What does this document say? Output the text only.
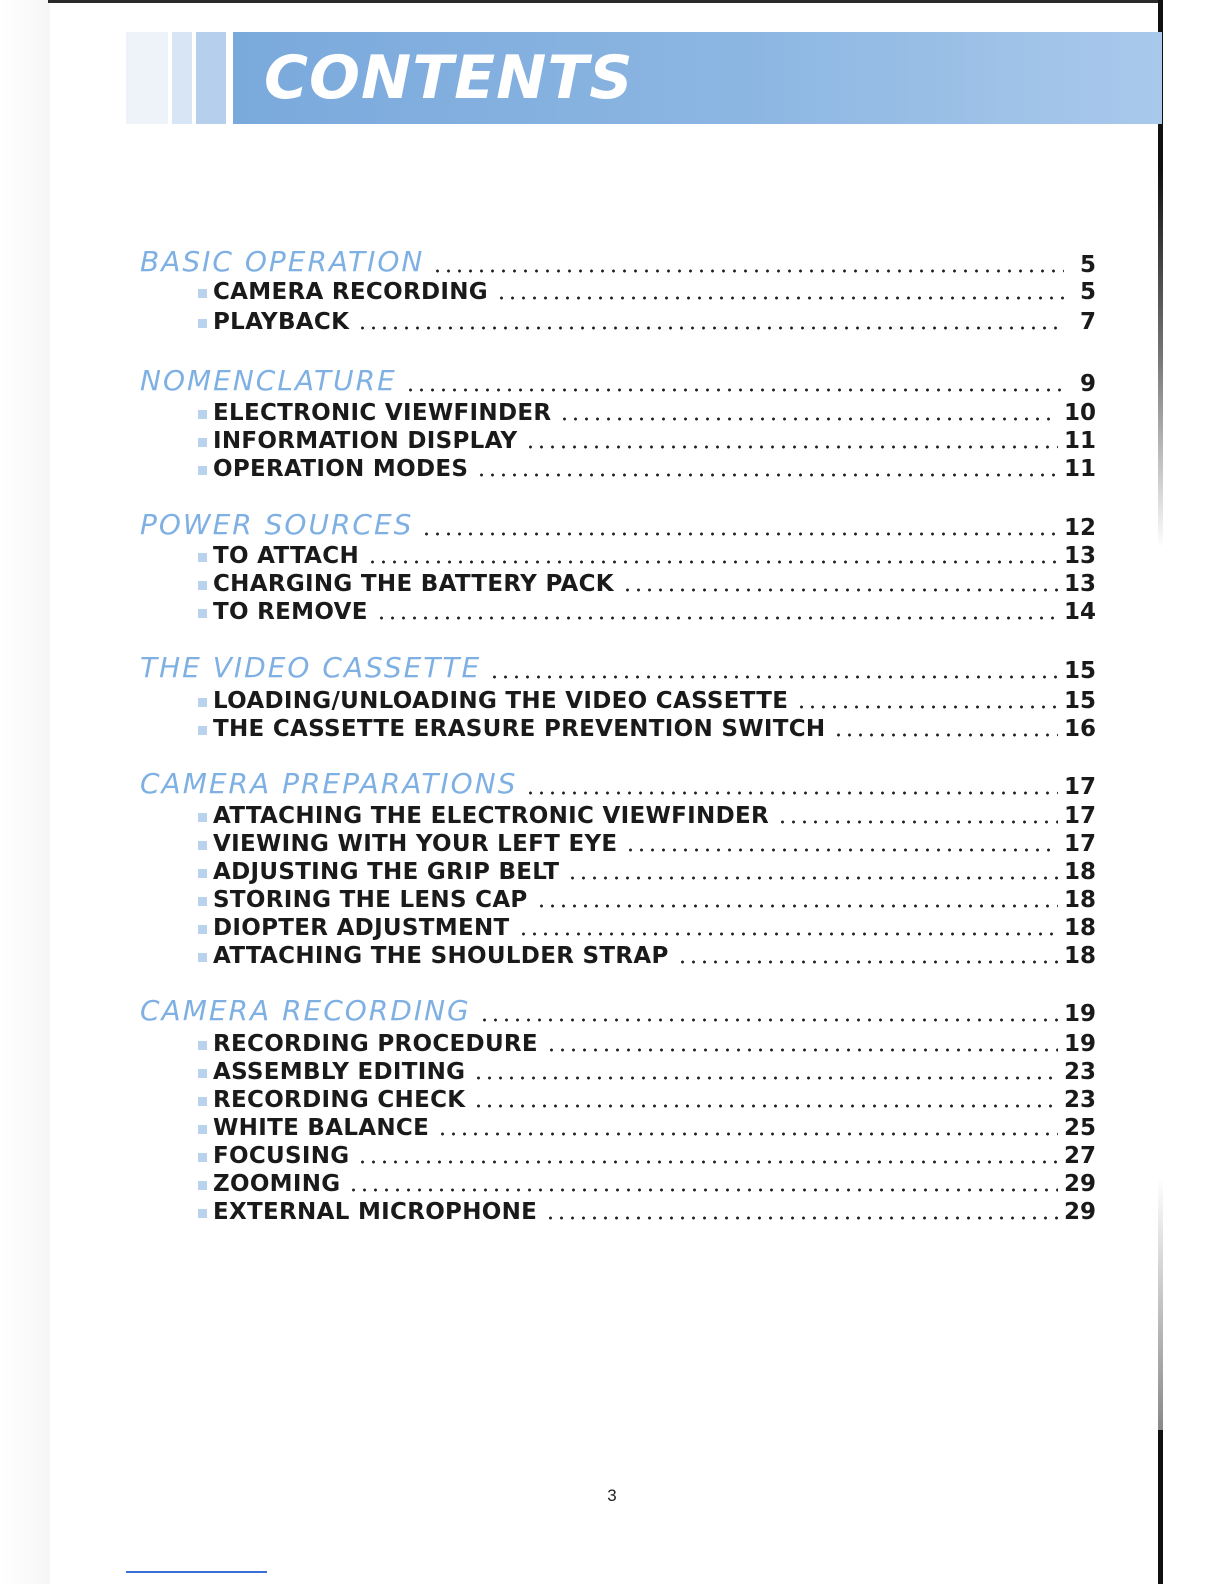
CONTENTS
BASIC OPERATION	5
CAMERA RECORDING	5
PLAYBACK	7
NOMENCLATURE	9
ELECTRONIC VIEWFINDER	10
INFORMATION DISPLAY	11
OPERATION MODES	11
POWER SOURCES	12
TO ATTACH	13
CHARGING THE BATTERY PACK	13
TO REMOVE	14
THE VIDEO CASSETTE	15
LOADING/UNLOADING THE VIDEO CASSETTE	15
THE CASSETTE ERASURE PREVENTION SWITCH	16
CAMERA PREPARATIONS	17
ATTACHING THE ELECTRONIC VIEWFINDER	17
VIEWING WITH YOUR LEFT EYE	17
ADJUSTING THE GRIP BELT	18
STORING THE LENS CAP	18
DIOPTER ADJUSTMENT	18
ATTACHING THE SHOULDER STRAP	18
CAMERA RECORDING	19
RECORDING PROCEDURE	19
ASSEMBLY EDITING	23
RECORDING CHECK	23
WHITE BALANCE	25
FOCUSING	27
ZOOMING	29
EXTERNAL MICROPHONE	29
3
